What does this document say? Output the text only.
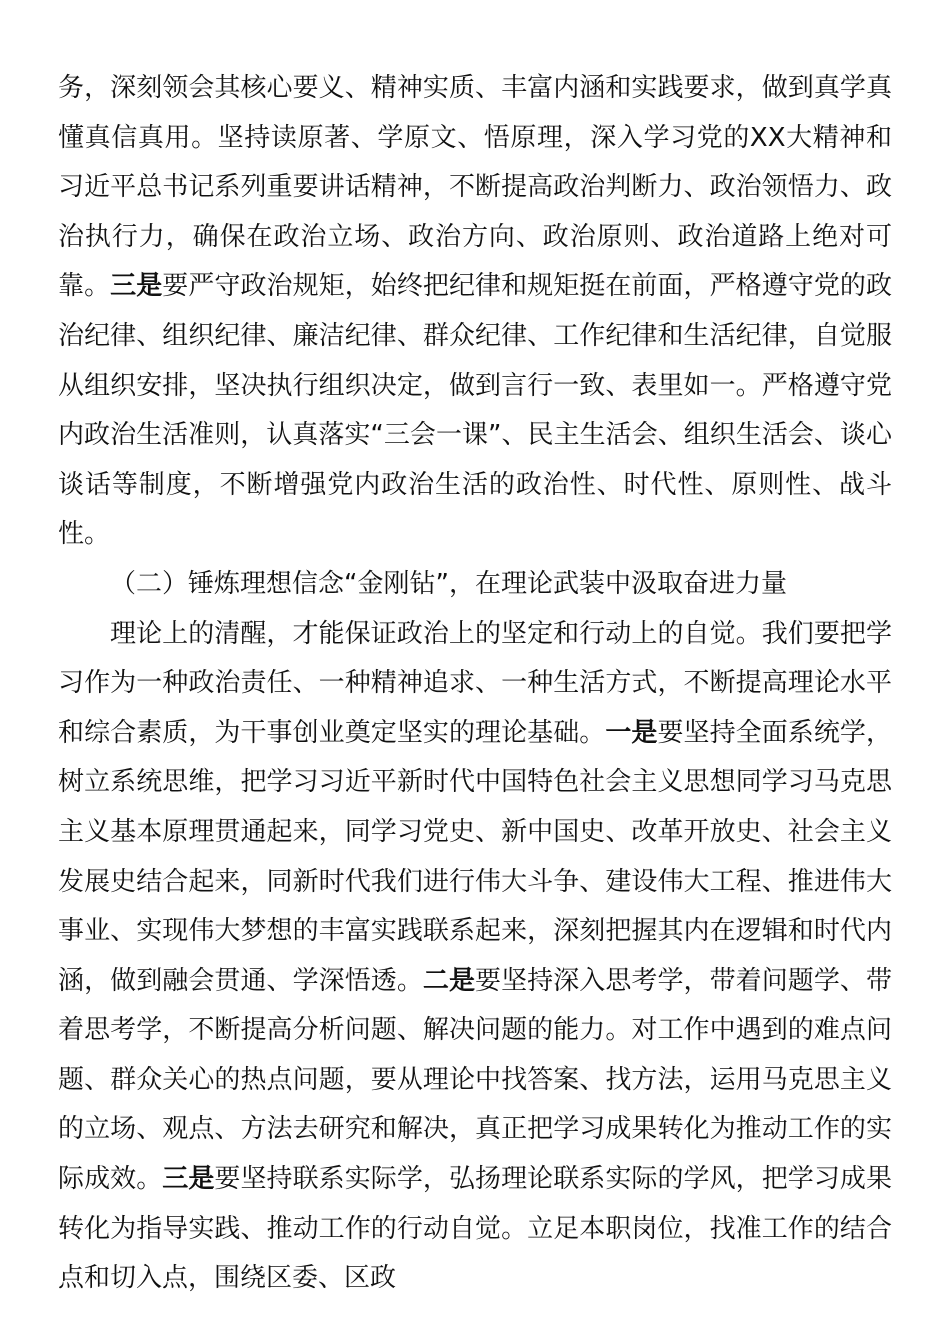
务，深刻领会其核心要义、精神实质、丰富内涵和实践要求，做到真学真懂真信真用。坚持读原著、学原文、悟原理，深入学习党的XX大精神和习近平总书记系列重要讲话精神，不断提高政治判断力、政治领悟力、政治执行力，确保在政治立场、政治方向、政治原则、政治道路上绝对可靠。三是要严守政治规矩，始终把纪律和规矩挺在前面，严格遵守党的政治纪律、组织纪律、廉洁纪律、群众纪律、工作纪律和生活纪律，自觉服从组织安排，坚决执行组织决定，做到言行一致、表里如一。严格遵守党内政治生活准则，认真落实“三会一课”、民主生活会、组织生活会、谈心谈话等制度，不断增强党内政治生活的政治性、时代性、原则性、战斗性。

（二）锤炼理想信念“金刚钻”，在理论武装中汲取奋进力量

理论上的清醒，才能保证政治上的坚定和行动上的自觉。我们要把学习作为一种政治责任、一种精神追求、一种生活方式，不断提高理论水平和综合素质，为干事创业奠定坚实的理论基础。一是要坚持全面系统学，树立系统思维，把学习习近平新时代中国特色社会主义思想同学习马克思主义基本原理贯通起来，同学习党史、新中国史、改革开放史、社会主义发展史结合起来，同新时代我们进行伟大斗争、建设伟大工程、推进伟大事业、实现伟大梦想的丰富实践联系起来，深刻把握其内在逻辑和时代内涵，做到融会贯通、学深悟透。二是要坚持深入思考学，带着问题学、带着思考学，不断提高分析问题、解决问题的能力。对工作中遇到的难点问题、群众关心的热点问题，要从理论中找答案、找方法，运用马克思主义的立场、观点、方法去研究和解决，真正把学习成果转化为推动工作的实际成效。三是要坚持联系实际学，弘扬理论联系实际的学风，把学习成果转化为指导实践、推动工作的行动自觉。立足本职岗位，找准工作的结合点和切入点，围绕区委、区政
